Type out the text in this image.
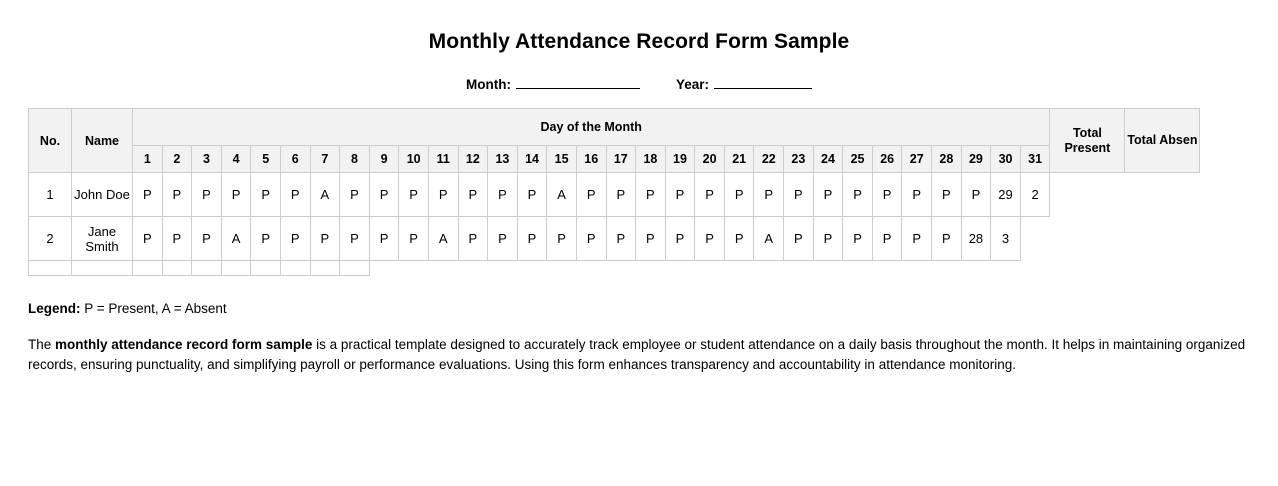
Monthly Attendance Record Form Sample
Month:	Year:
No.	Name	Day of the Month																															Total Present	Total Absen
		1	2	3	4	5	6	7	8	9	10	11	12	13	14	15	16	17	18	19	20	21	22	23	24	25	26	27	28	29	30	31		
1	John Doe	P	P	P	P	P	P	A	P	P	P	P	P	P	P	A	P	P	P	P	P	P	P	P	P	P	P	P	P	P	29	2		
2	Jane Smith	P	P	P	A	P	P	P	P	P	P	A	P	P	P	P	P	P	P	P	P	P	A	P	P	P	P	P	P	28	3			

Legend: P = Present, A = Absent

The monthly attendance record form sample is a practical template designed to accurately track employee or student attendance on a daily basis throughout the month. It helps in maintaining organized records, ensuring punctuality, and simplifying payroll or performance evaluations. Using this form enhances transparency and accountability in attendance monitoring.
